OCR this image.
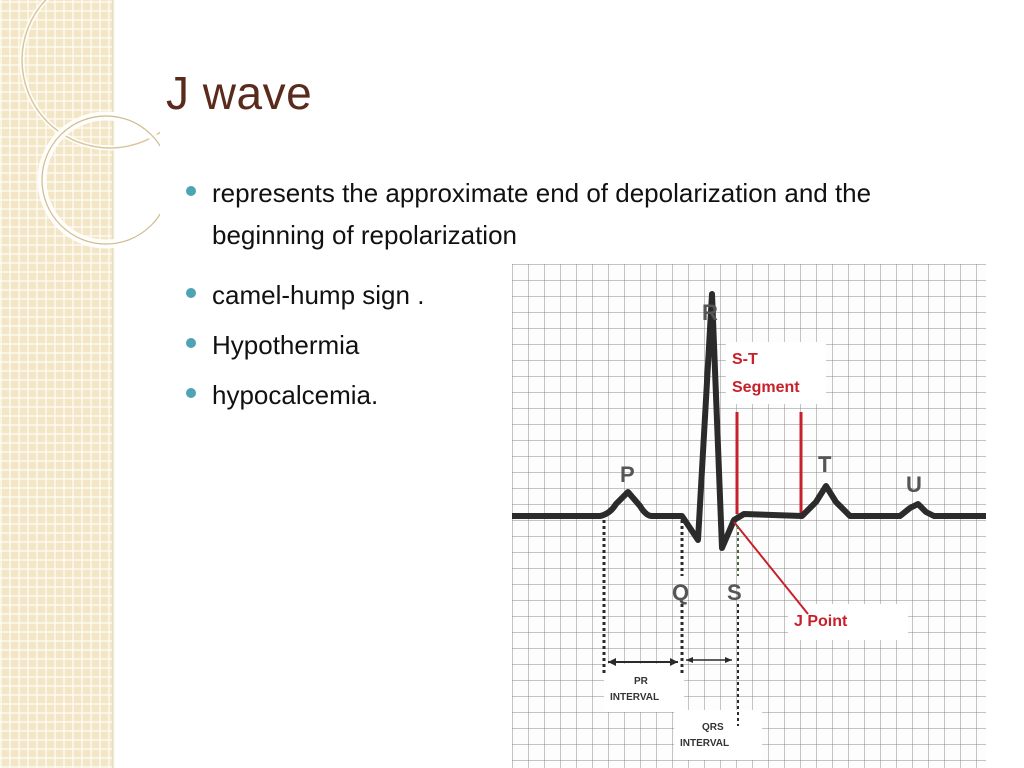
J wave
represents the approximate end of depolarization and the beginning of repolarization
camel-hump sign .
Hypothermia
hypocalcemia.
R
P
Q S
T
U
S-T
Segment
J Point
PR
INTERVAL
QRS
INTERVAL
